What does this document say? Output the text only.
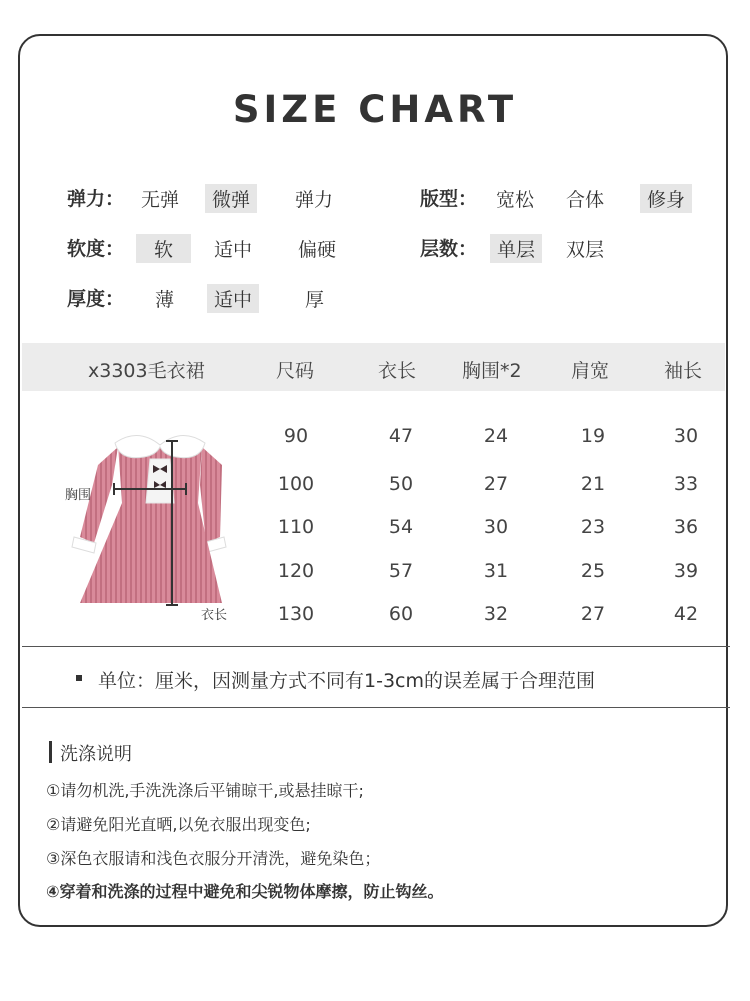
SIZE CHART
弹力： 无弹	微弹	弹力	版型： 宽松	合体	修身
软度：	软	适中	偏硬	层数：	单层	双层
厚度：	薄	适中	厚
x3303毛衣裙	尺码	衣长 胸围*2	肩宽	袖长
90	47	24	19	30
100	50	27	21	33
110	54	30	23	36
120	57	31	25	39
130	60	32	27	42
胸围
衣长
单位：厘米，因测量方式不同有1-3cm的误差属于合理范围
洗涤说明
①请勿机洗,手洗洗涤后平铺晾干,或悬挂晾干;
②请避免阳光直晒,以免衣服出现变色;
③深色衣服请和浅色衣服分开清洗，避免染色；
④穿着和洗涤的过程中避免和尖锐物体摩擦，防止钩丝。
